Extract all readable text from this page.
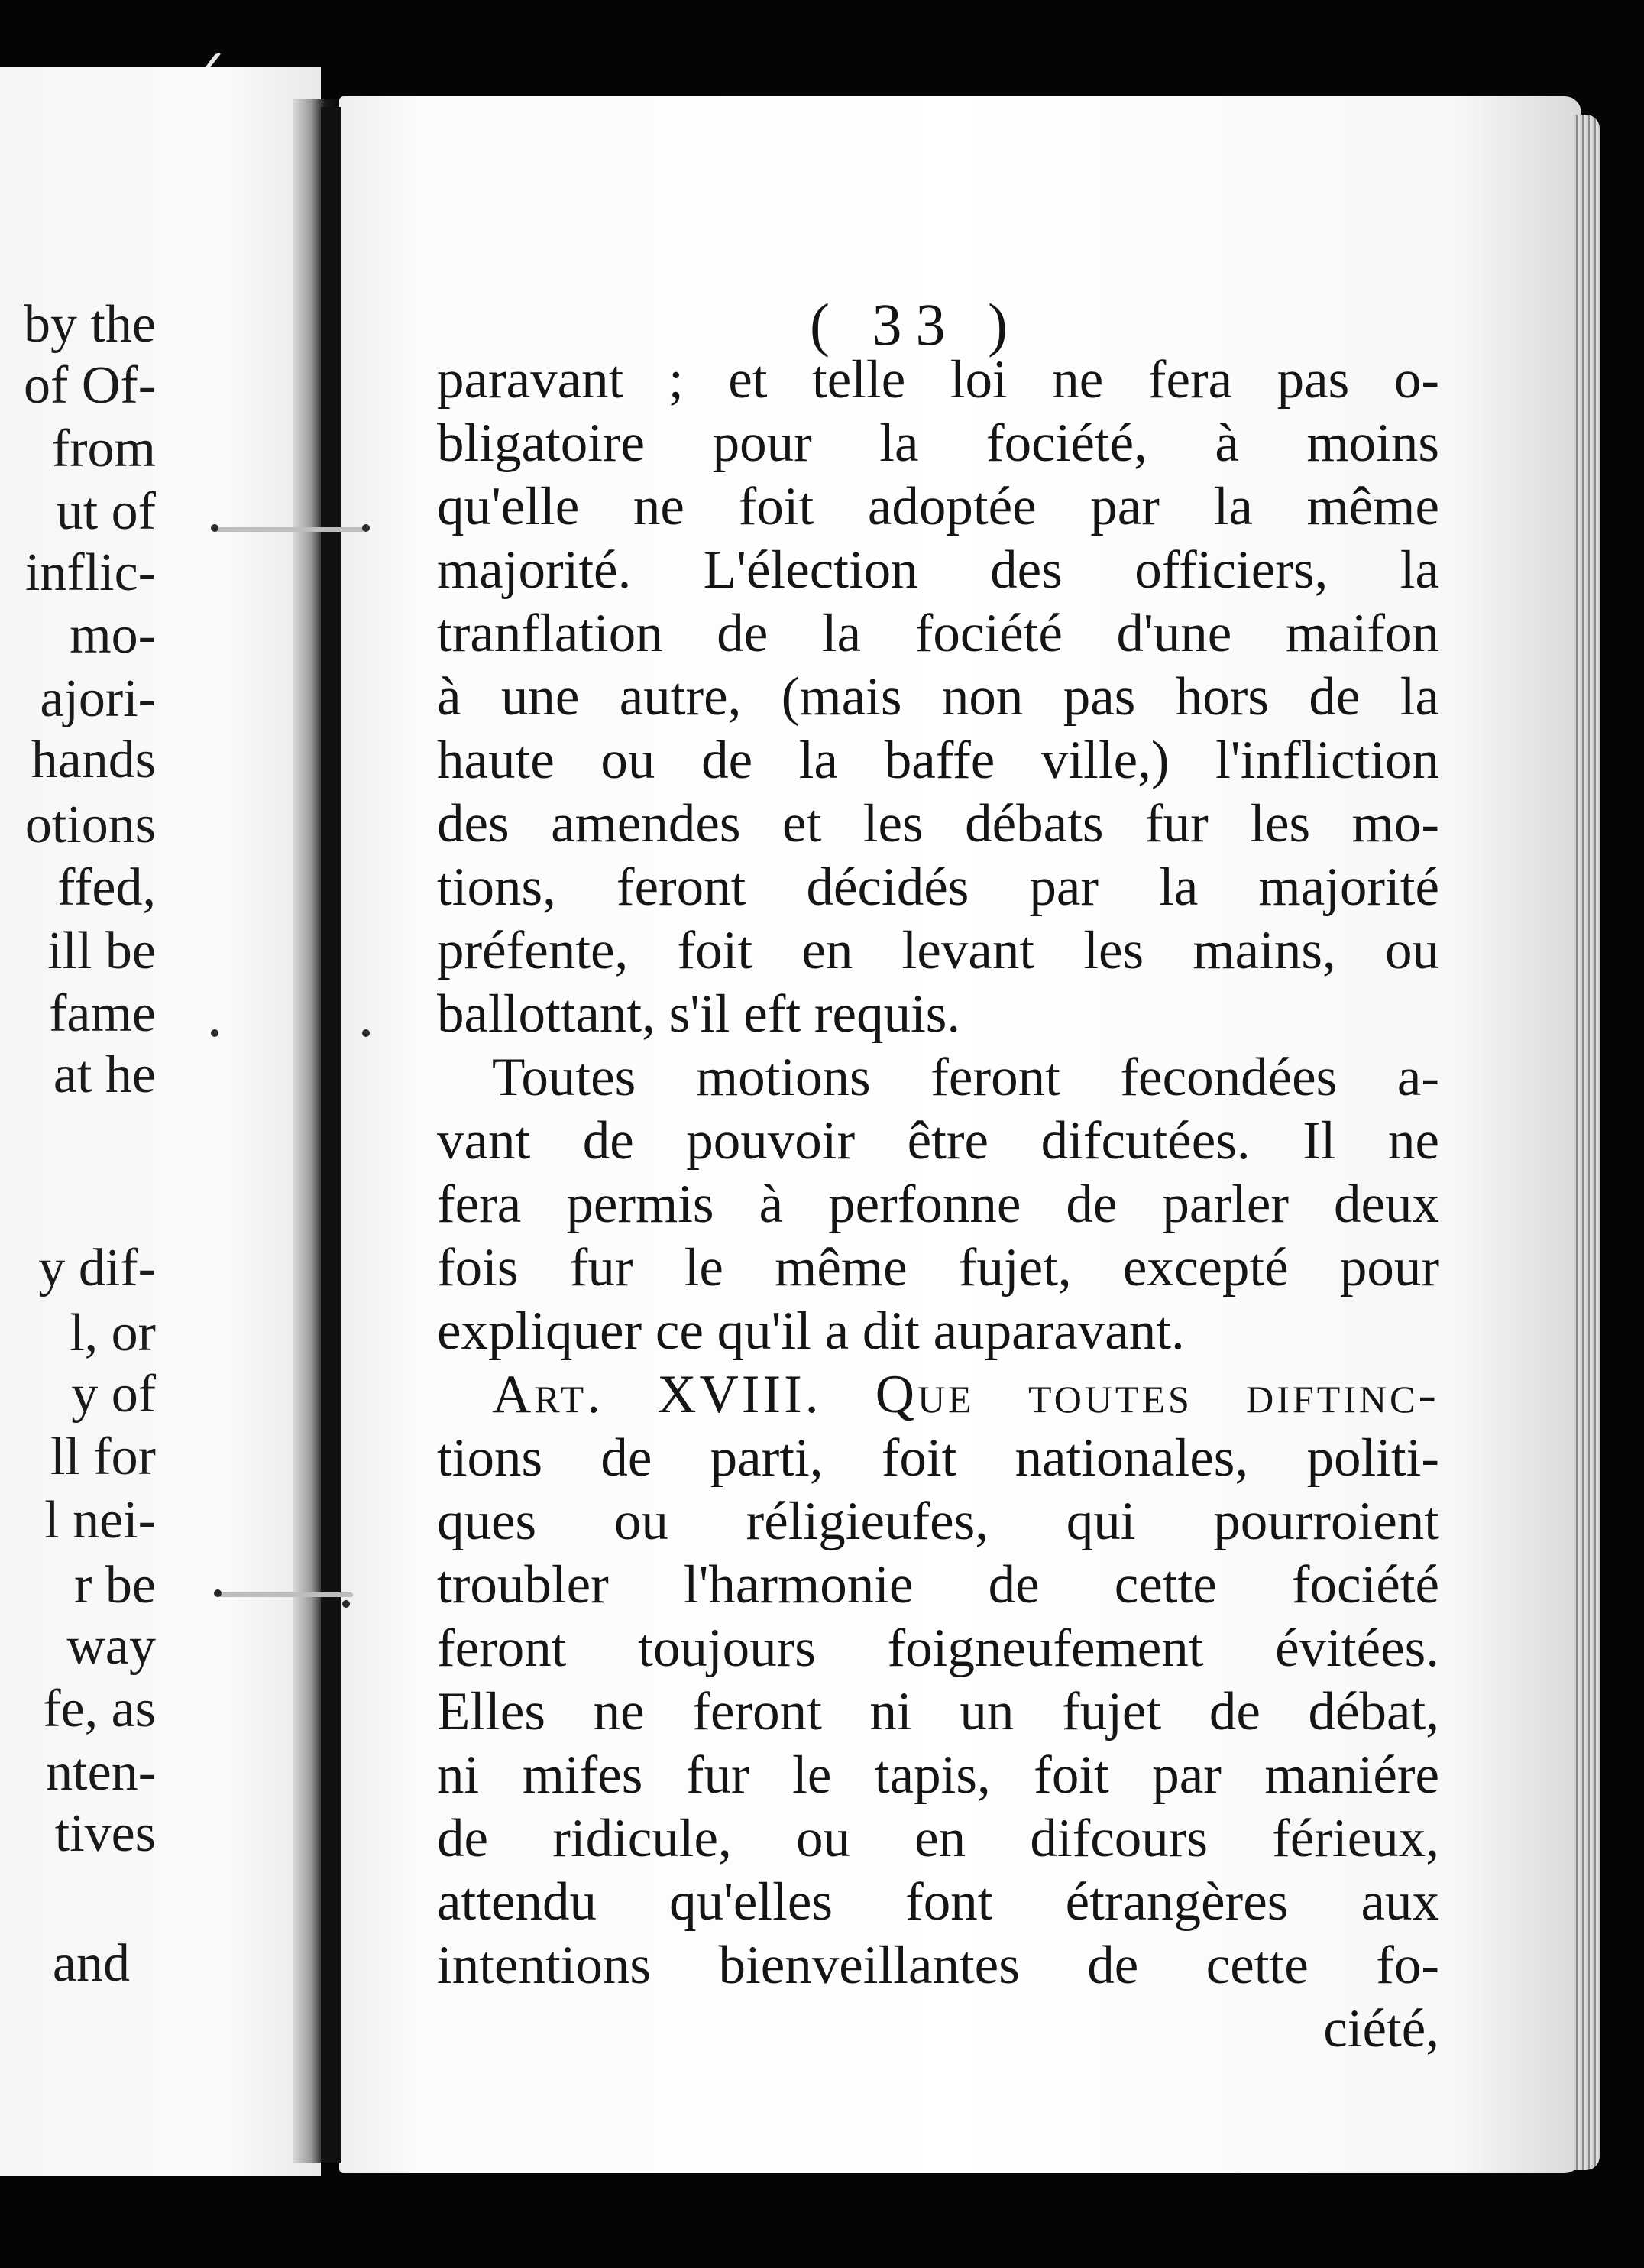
by the
of Of-
from
ut of
inflic-
mo-
ajori-
hands
otions
ffed,
ill be
fame
at he
y dif-
l, or
y of
ll for
l nei-
r be
way
fe, as
nten-
tives
and
( 33 )
paravant ; et telle loi ne fera pas o-
bligatoire pour la fociété, à moins
qu'elle ne foit adoptée par la même
majorité. L'élection des officiers, la
tranflation de la fociété d'une maifon
à une autre, (mais non pas hors de la
haute ou de la baffe ville,) l'infliction
des amendes et les débats fur les mo-
tions, feront décidés par la majorité
préfente, foit en levant les mains, ou
ballottant, s'il eft requis.
Toutes motions feront fecondées a-
vant de pouvoir être difcutées. Il ne
fera permis à perfonne de parler deux
fois fur le même fujet, excepté pour
expliquer ce qu'il a dit auparavant.
Art. XVIII. Que toutes diftinc-
tions de parti, foit nationales, politi-
ques ou réligieufes, qui pourroient
troubler l'harmonie de cette fociété
feront toujours foigneufement évitées.
Elles ne feront ni un fujet de débat,
ni mifes fur le tapis, foit par maniére
de ridicule, ou en difcours férieux,
attendu qu'elles font étrangères aux
intentions bienveillantes de cette fo-
ciété,
